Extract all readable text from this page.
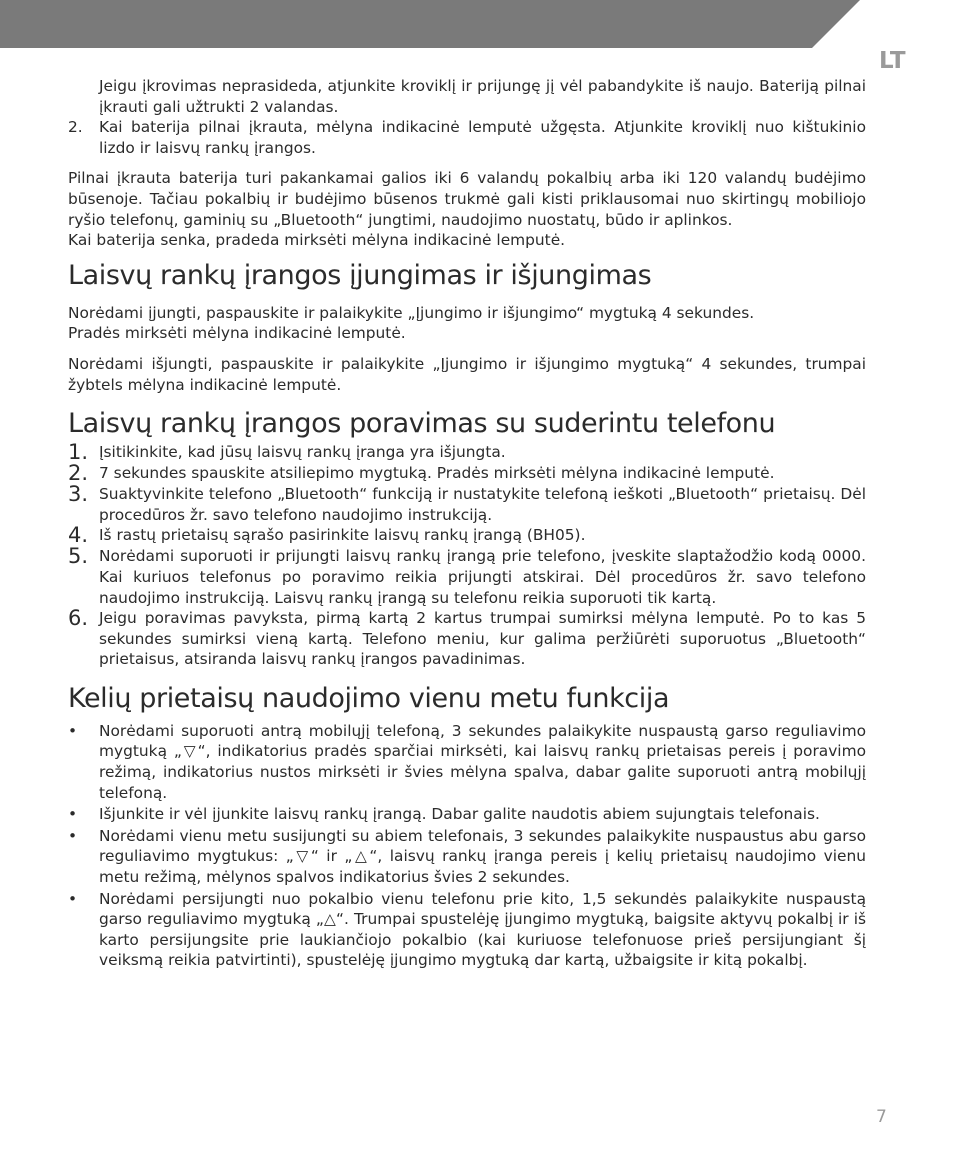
LT

Jeigu įkrovimas neprasideda, atjunkite kroviklį ir prijungę jį vėl pabandykite iš naujo. Bateriją pilnai įkrauti gali užtrukti 2 valandas.

2.	Kai baterija pilnai įkrauta, mėlyna indikacinė lemputė užgęsta. Atjunkite kroviklį nuo kištukinio lizdo ir laisvų rankų įrangos.

Pilnai įkrauta baterija turi pakankamai galios iki 6 valandų pokalbių arba iki 120 valandų budėjimo būsenoje. Tačiau pokalbių ir budėjimo būsenos trukmė gali kisti priklausomai nuo skirtingų mobiliojo ryšio telefonų, gaminių su „Bluetooth“ jungtimi, naudojimo nuostatų, būdo ir aplinkos.

Kai baterija senka, pradeda mirksėti mėlyna indikacinė lemputė.

Laisvų rankų įrangos įjungimas ir išjungimas

Norėdami įjungti, paspauskite ir palaikykite „Įjungimo ir išjungimo“ mygtuką 4 sekundes.

Pradės mirksėti mėlyna indikacinė lemputė.

Norėdami išjungti, paspauskite ir palaikykite „Įjungimo ir išjungimo mygtuką“ 4 sekundes, trumpai žybtels mėlyna indikacinė lemputė.

Laisvų rankų įrangos poravimas su suderintu telefonu
1. Įsitikinkite, kad jūsų laisvų rankų įranga yra išjungta.
2. 7 sekundes spauskite atsiliepimo mygtuką. Pradės mirksėti mėlyna indikacinė lemputė.
3. Suaktyvinkite telefono „Bluetooth“ funkciją ir nustatykite telefoną ieškoti „Bluetooth“ prietaisų. Dėl procedūros žr. savo telefono naudojimo instrukciją.
4. Iš rastų prietaisų sąrašo pasirinkite laisvų rankų įrangą (BH05).
5. Norėdami suporuoti ir prijungti laisvų rankų įrangą prie telefono, įveskite slaptažodžio kodą 0000. Kai kuriuos telefonus po poravimo reikia prijungti atskirai. Dėl procedūros žr. savo telefono naudojimo instrukciją. Laisvų rankų įrangą su telefonu reikia suporuoti tik kartą.
6. Jeigu poravimas pavyksta, pirmą kartą 2 kartus trumpai sumirksi mėlyna lemputė. Po to kas 5 sekundes sumirksi vieną kartą. Telefono meniu, kur galima peržiūrėti suporuotus „Bluetooth“ prietaisus, atsiranda laisvų rankų įrangos pavadinimas.
Kelių prietaisų naudojimo vienu metu funkcija
•	Norėdami suporuoti antrą mobilųjį telefoną, 3 sekundes palaikykite nuspaustą garso reguliavimo mygtuką „▽“, indikatorius pradės sparčiai mirksėti, kai laisvų rankų prietaisas pereis į poravimo režimą, indikatorius nustos mirksėti ir švies mėlyna spalva, dabar galite suporuoti antrą mobilųjį telefoną.
•	Išjunkite ir vėl įjunkite laisvų rankų įrangą. Dabar galite naudotis abiem sujungtais telefonais.
•	Norėdami vienu metu susijungti su abiem telefonais, 3 sekundes palaikykite nuspaustus abu garso reguliavimo mygtukus: „▽“ ir „△“, laisvų rankų įranga pereis į kelių prietaisų naudojimo vienu metu režimą, mėlynos spalvos indikatorius švies 2 sekundes.
•	Norėdami persijungti nuo pokalbio vienu telefonu prie kito, 1,5 sekundės palaikykite nuspaustą garso reguliavimo mygtuką „△“. Trumpai spustelėję įjungimo mygtuką, baigsite aktyvų pokalbį ir iš karto persijungsite prie laukiančiojo pokalbio (kai kuriuose telefonuose prieš persijungiant šį veiksmą reikia patvirtinti), spustelėję įjungimo mygtuką dar kartą, užbaigsite ir kitą pokalbį.
7
